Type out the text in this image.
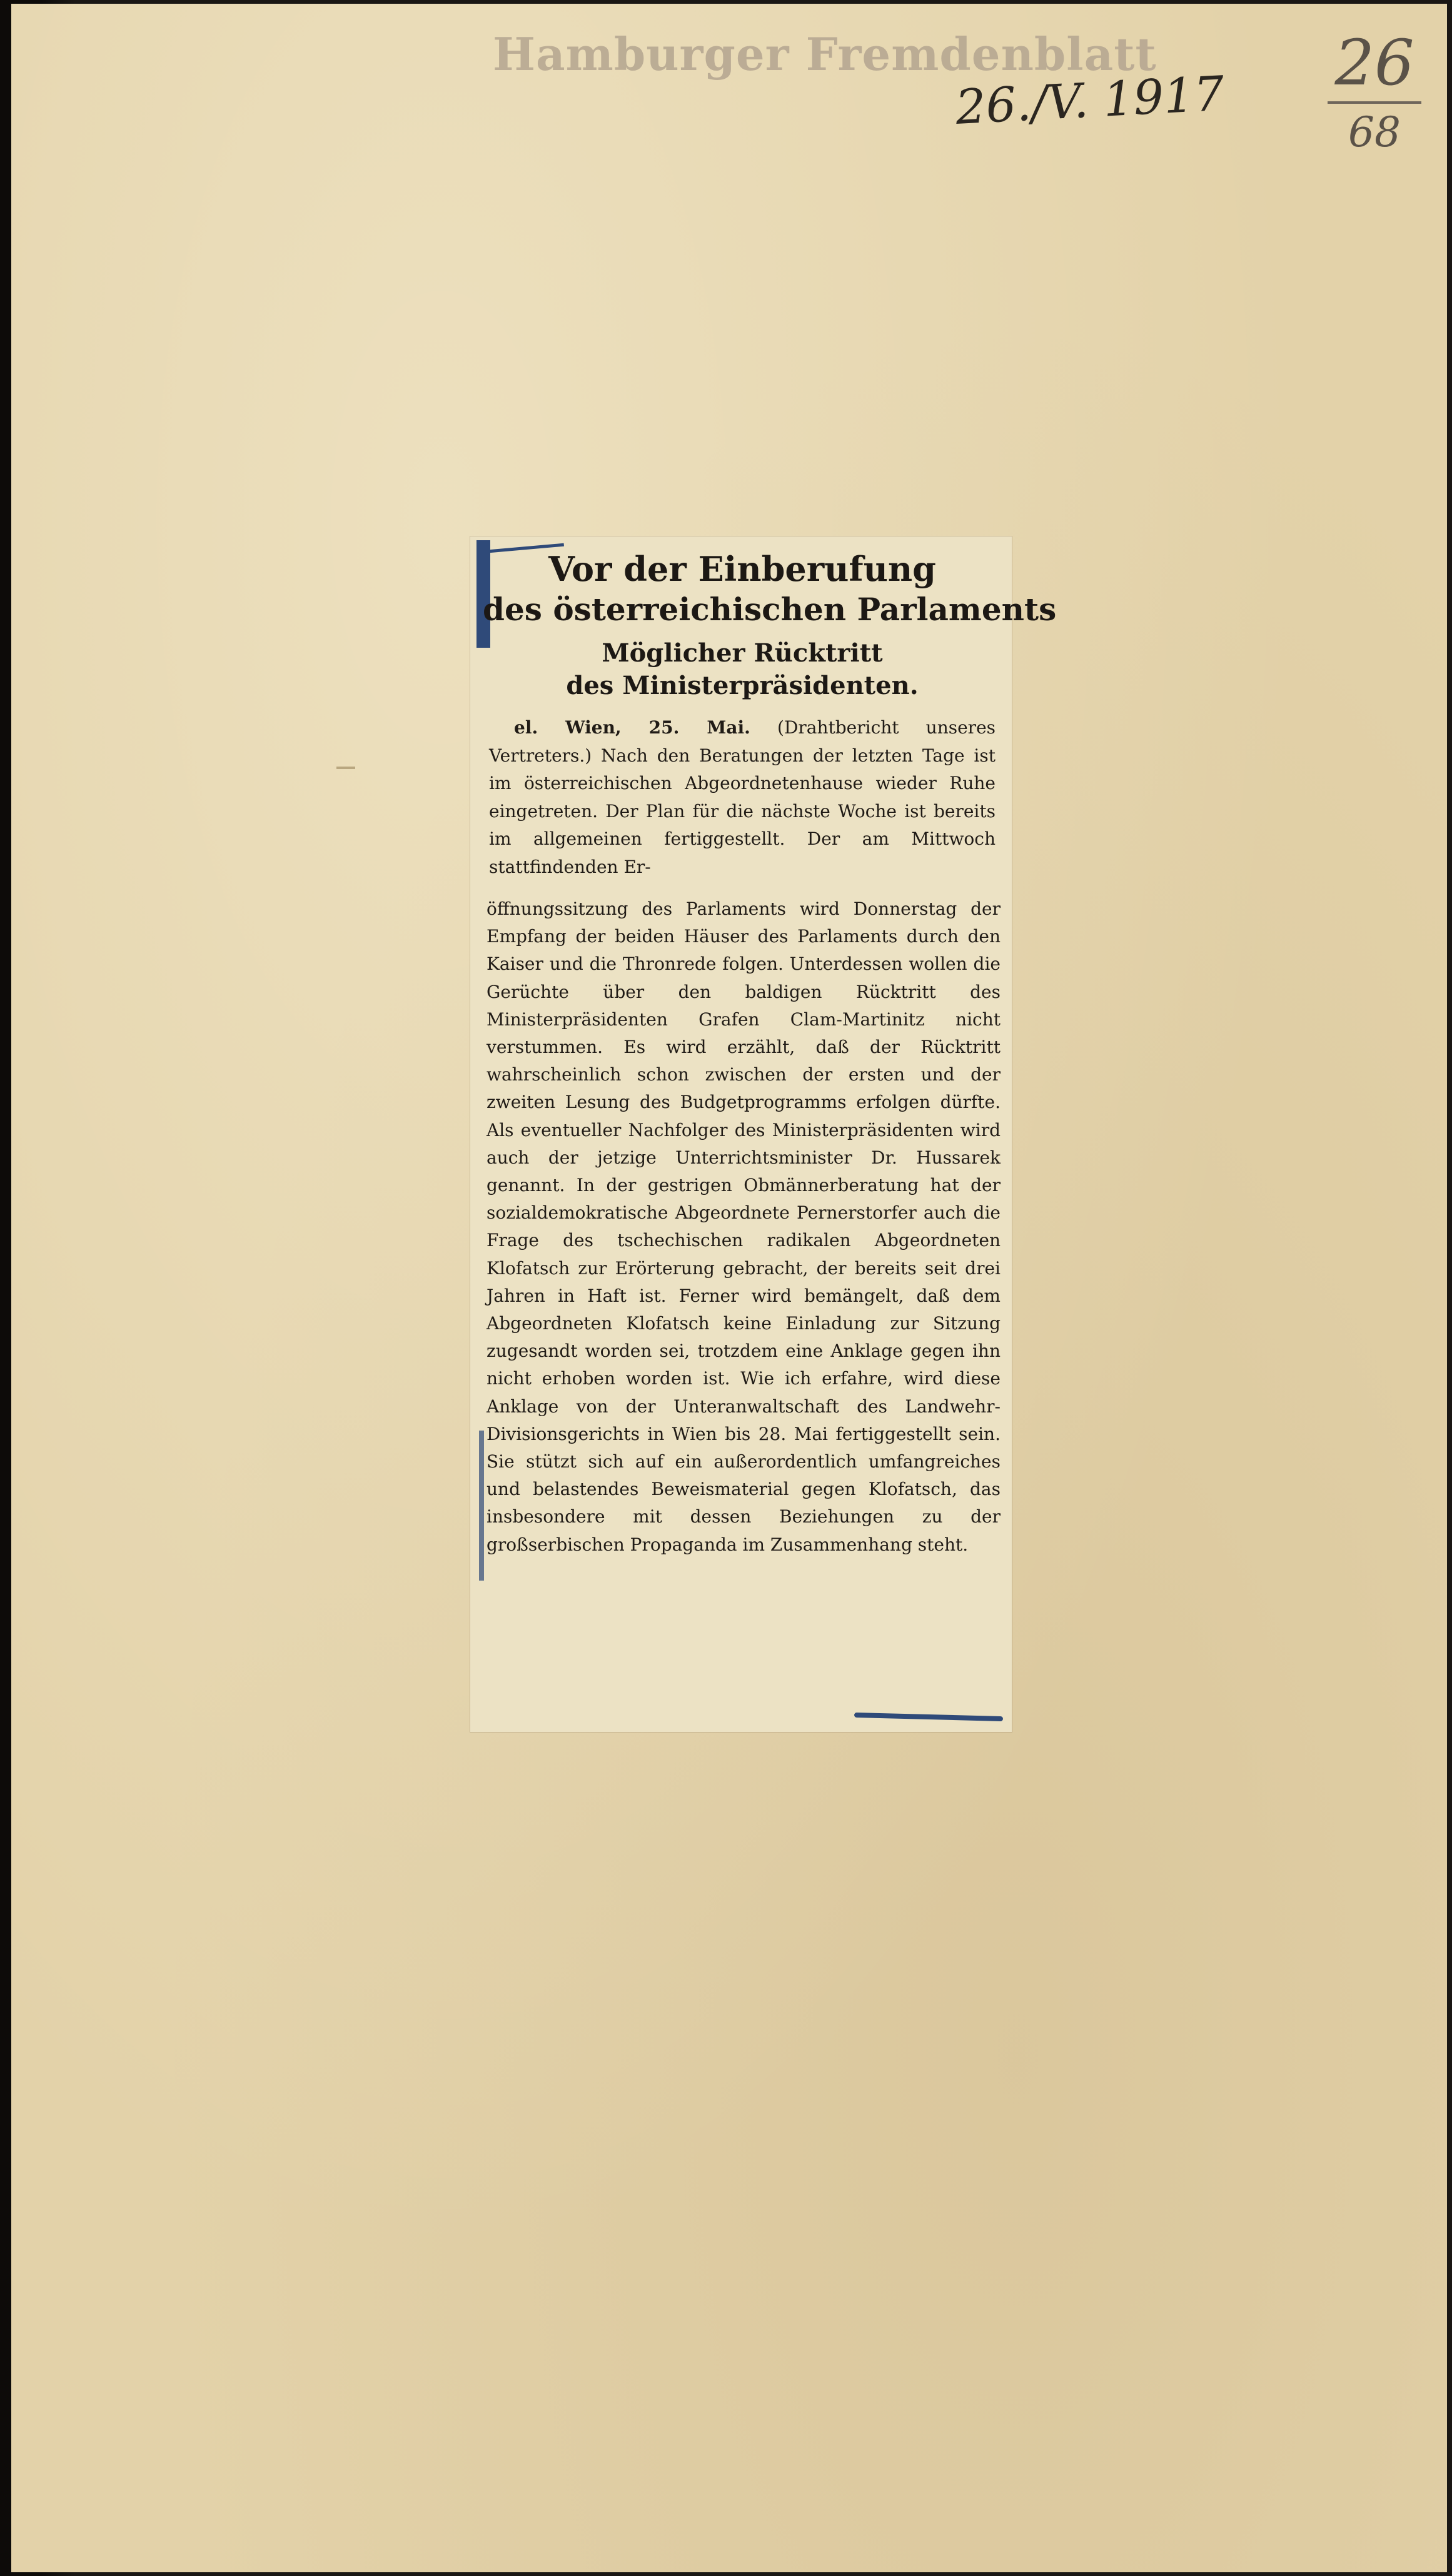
Hamburger Fremdenblatt
26./V. 1917
26
68
Vor der Einberufung
des österreichischen Parlaments
Möglicher Rücktritt
des Ministerpräsidenten.
el. Wien, 25. Mai. (Drahtbericht unseres Vertreters.) Nach den Beratungen der letzten Tage ist im österreichischen Abgeordnetenhause wieder Ruhe eingetreten. Der Plan für die nächste Woche ist bereits im allgemeinen fertiggestellt. Der am Mittwoch stattfindenden Er-
öffnungssitzung des Parlaments wird Donnerstag der Empfang der beiden Häuser des Parlaments durch den Kaiser und die Thronrede folgen. Unterdessen wollen die Gerüchte über den baldigen Rücktritt des Ministerpräsidenten Grafen Clam-Martinitz nicht verstummen. Es wird erzählt, daß der Rücktritt wahrscheinlich schon zwischen der ersten und der zweiten Lesung des Budgetprogramms erfolgen dürfte. Als eventueller Nachfolger des Ministerpräsidenten wird auch der jetzige Unterrichtsminister Dr. Hussarek genannt. In der gestrigen Obmännerberatung hat der sozialdemokratische Abgeordnete Pernerstorfer auch die Frage des tschechischen radikalen Abgeordneten Klofatsch zur Erörterung gebracht, der bereits seit drei Jahren in Haft ist. Ferner wird bemängelt, daß dem Abgeordneten Klofatsch keine Einladung zur Sitzung zugesandt worden sei, trotzdem eine Anklage gegen ihn nicht erhoben worden ist. Wie ich erfahre, wird diese Anklage von der Unteranwaltschaft des Landwehr-Divisionsgerichts in Wien bis 28. Mai fertiggestellt sein. Sie stützt sich auf ein außerordentlich umfangreiches und belastendes Beweismaterial gegen Klofatsch, das insbesondere mit dessen Beziehungen zu der großserbischen Propaganda im Zusammenhang steht.
